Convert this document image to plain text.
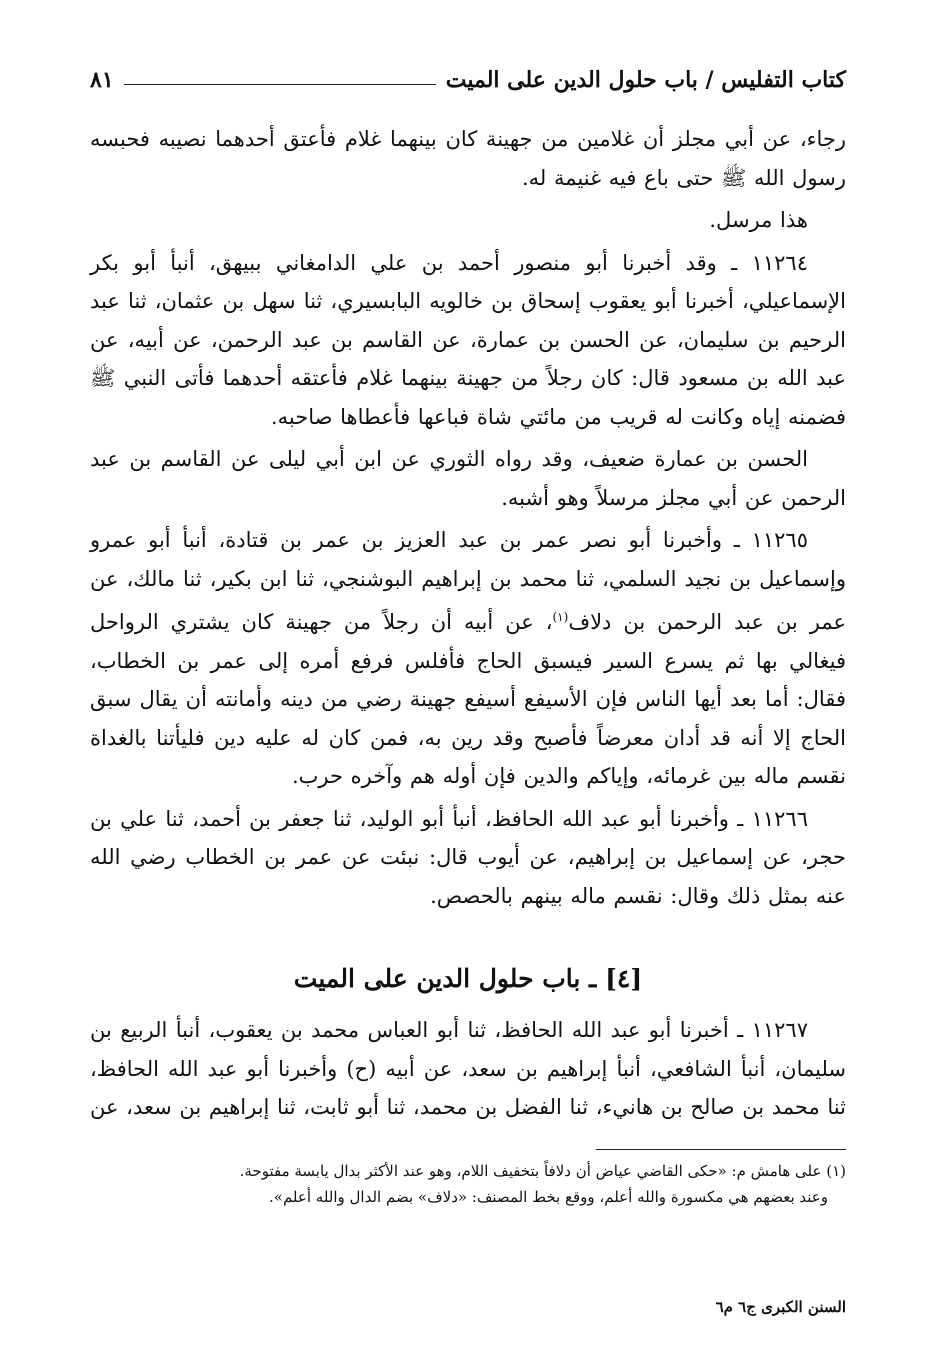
كتاب التفليس / باب حلول الدين على الميت
٨١

رجاء، عن أبي مجلز أن غلامين من جهينة كان بينهما غلام فأعتق أحدهما نصيبه فحبسه رسول الله ﷺ حتى باع فيه غنيمة له.

هذا مرسل.

١١٢٦٤ ـ وقد أخبرنا أبو منصور أحمد بن علي الدامغاني ببيهق، أنبأ أبو بكر الإسماعيلي، أخبرنا أبو يعقوب إسحاق بن خالويه البابسيري، ثنا سهل بن عثمان، ثنا عبد الرحيم بن سليمان، عن الحسن بن عمارة، عن القاسم بن عبد الرحمن، عن أبيه، عن عبد الله بن مسعود قال: كان رجلاً من جهينة بينهما غلام فأعتقه أحدهما فأتى النبي ﷺ فضمنه إياه وكانت له قريب من مائتي شاة فباعها فأعطاها صاحبه.

الحسن بن عمارة ضعيف، وقد رواه الثوري عن ابن أبي ليلى عن القاسم بن عبد الرحمن عن أبي مجلز مرسلاً وهو أشبه.

١١٢٦٥ ـ وأخبرنا أبو نصر عمر بن عبد العزيز بن عمر بن قتادة، أنبأ أبو عمرو وإسماعيل بن نجيد السلمي، ثنا محمد بن إبراهيم البوشنجي، ثنا ابن بكير، ثنا مالك، عن عمر بن عبد الرحمن بن دلاف$^{(١)}$، عن أبيه أن رجلاً من جهينة كان يشتري الرواحل فيغالي بها ثم يسرع السير فيسبق الحاج فأفلس فرفع أمره إلى عمر بن الخطاب، فقال: أما بعد أيها الناس فإن الأسيفع أسيفع جهينة رضي من دينه وأمانته أن يقال سبق الحاج إلا أنه قد أدان معرضاً فأصبح وقد رين به، فمن كان له عليه دين فليأتنا بالغداة نقسم ماله بين غرمائه، وإياكم والدين فإن أوله هم وآخره حرب.

١١٢٦٦ ـ وأخبرنا أبو عبد الله الحافظ، أنبأ أبو الوليد، ثنا جعفر بن أحمد، ثنا علي بن حجر، عن إسماعيل بن إبراهيم، عن أيوب قال: نبئت عن عمر بن الخطاب رضي الله عنه بمثل ذلك وقال: نقسم ماله بينهم بالحصص.

[٤] ـ باب حلول الدين على الميت

١١٢٦٧ ـ أخبرنا أبو عبد الله الحافظ، ثنا أبو العباس محمد بن يعقوب، أنبأ الربيع بن سليمان، أنبأ الشافعي، أنبأ إبراهيم بن سعد، عن أبيه (ح) وأخبرنا أبو عبد الله الحافظ، ثنا محمد بن صالح بن هانيء، ثنا الفضل بن محمد، ثنا أبو ثابت، ثنا إبراهيم بن سعد، عن

(١) على هامش م: «حكى القاضي عياض أن دلافاً بتخفيف اللام، وهو عند الأكثر بدال يابسة مفتوحة.

وعند بعضهم هي مكسورة والله أعلم، ووقع بخط المصنف: «دلاف» بضم الدال والله أعلم».

السنن الكبرى ج٦ م٦
